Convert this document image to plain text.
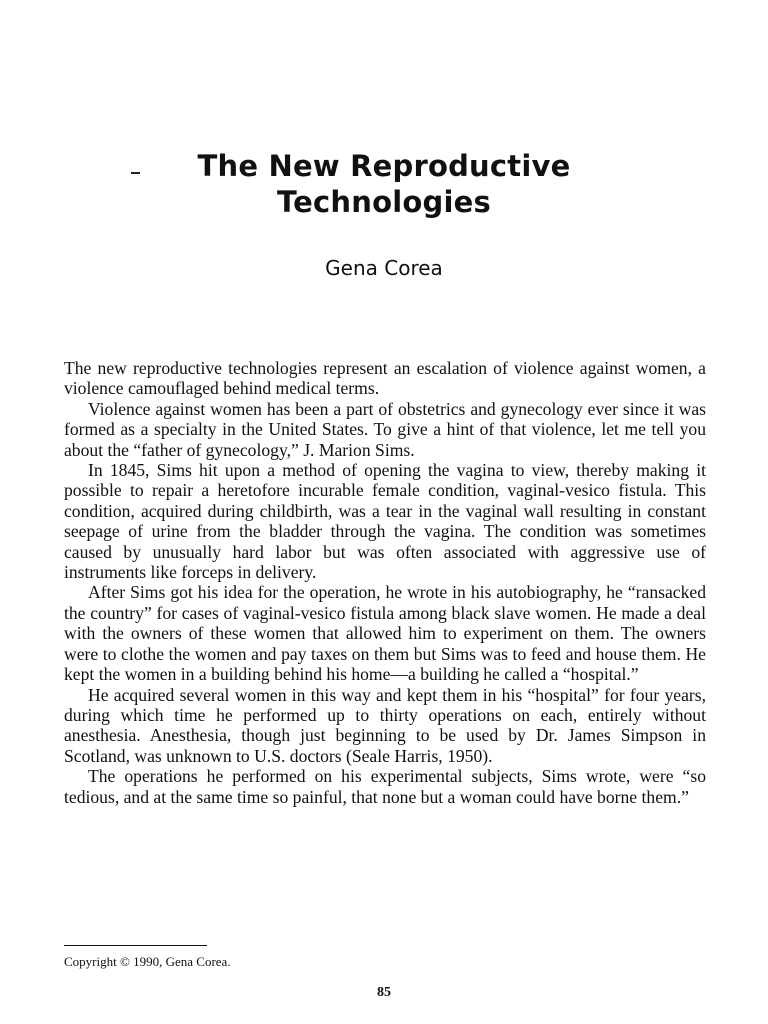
The New Reproductive
Technologies
Gena Corea

The new reproductive technologies represent an escalation of violence against women, a violence camouflaged behind medical terms.

Violence against women has been a part of obstetrics and gynecology ever since it was formed as a specialty in the United States. To give a hint of that violence, let me tell you about the “father of gynecology,” J. Marion Sims.

In 1845, Sims hit upon a method of opening the vagina to view, thereby making it possible to repair a heretofore incurable female condition, vaginal-vesico fistula. This condition, acquired during childbirth, was a tear in the vaginal wall resulting in constant seepage of urine from the bladder through the vagina. The condition was sometimes caused by unusually hard labor but was often associated with aggressive use of instruments like forceps in delivery.

After Sims got his idea for the operation, he wrote in his autobiography, he “ransacked the country” for cases of vaginal-vesico fistula among black slave women. He made a deal with the owners of these women that allowed him to experiment on them. The owners were to clothe the women and pay taxes on them but Sims was to feed and house them. He kept the women in a building behind his home—a building he called a “hospital.”

He acquired several women in this way and kept them in his “hospital” for four years, during which time he performed up to thirty operations on each, entirely without anesthesia. Anesthesia, though just beginning to be used by Dr. James Simpson in Scotland, was unknown to U.S. doctors (Seale Harris, 1950).

The operations he performed on his experimental subjects, Sims wrote, were “so tedious, and at the same time so painful, that none but a woman could have borne them.”

Copyright © 1990, Gena Corea.
85
